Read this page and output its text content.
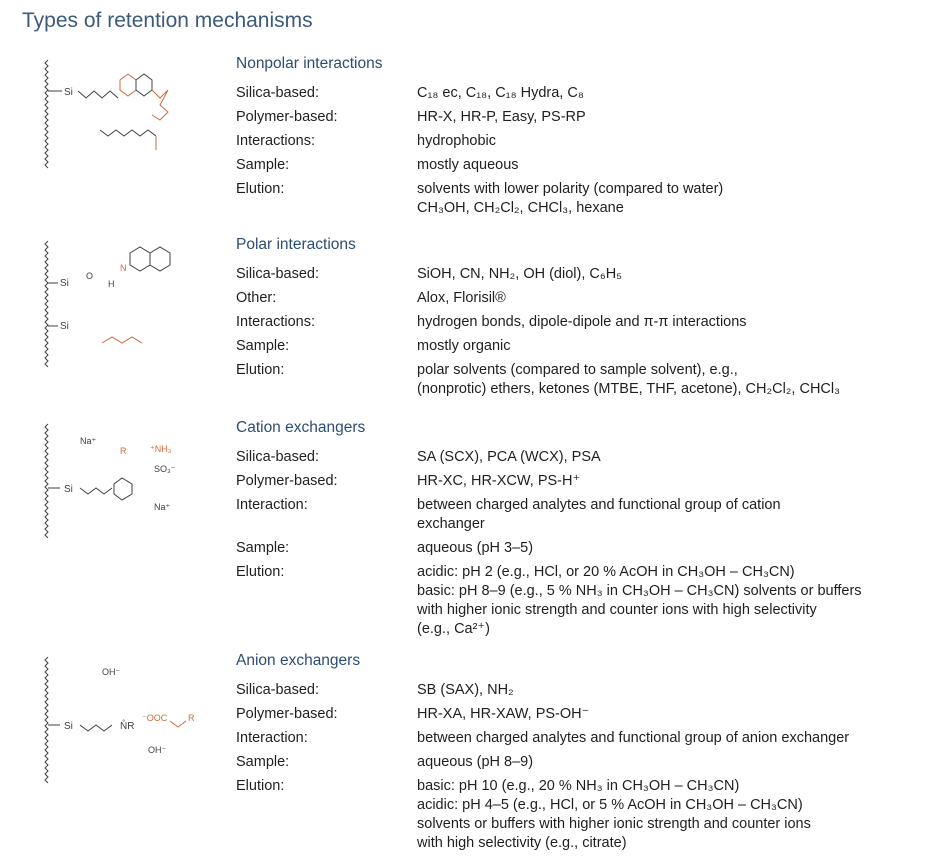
Types of retention mechanisms
Nonpolar interactions
Si	Silica-based:	C₁₈ ec, C₁₈, C₁₈ Hydra, C₈
Polymer-based:	HR-X, HR-P, Easy, PS-RP
Interactions:	hydrophobic
Sample:	mostly aqueous
Elution:	solvents with lower polarity (compared to water)
CH₃OH, CH₂Cl₂, CHCl₃, hexane
Polar interactions
Si
O
H
N
Si
Silica-based:	SiOH, CN, NH₂, OH (diol), C₆H₅
Other:	Alox, Florisil®
Interactions:	hydrogen bonds, dipole-dipole and π-π interactions
Sample:	mostly organic
Elution:	polar solvents (compared to sample solvent), e.g.,
(nonprotic) ethers, ketones (MTBE, THF, acetone), CH₂Cl₂, CHCl₃
Cation exchangers
Na⁺
R	⁺NH₃
SO₃⁻
Si
Na⁺
Silica-based:	SA (SCX), PCA (WCX), PSA
Polymer-based:	HR-XC, HR-XCW, PS-H⁺
Interaction:	between charged analytes and functional group of cation
exchanger
Sample:	aqueous (pH 3–5)
Elution:	acidic: pH 2 (e.g., HCl, or 20 % AcOH in CH₃OH – CH₃CN)
basic: pH 8–9 (e.g., 5 % NH₃ in CH₃OH – CH₃CN) solvents or buffers
with higher ionic strength and counter ions with high selectivity
(e.g., Ca²⁺)
Anion exchangers
OH⁻
Si	N̊R
⁻OOC R
OH⁻
Silica-based:	SB (SAX), NH₂
Polymer-based:	HR-XA, HR-XAW, PS-OH⁻
Interaction:	between charged analytes and functional group of anion exchanger
Sample:	aqueous (pH 8–9)
Elution:	basic: pH 10 (e.g., 20 % NH₃ in CH₃OH – CH₃CN)
acidic: pH 4–5 (e.g., HCl, or 5 % AcOH in CH₃OH – CH₃CN)
solvents or buffers with higher ionic strength and counter ions
with high selectivity (e.g., citrate)
